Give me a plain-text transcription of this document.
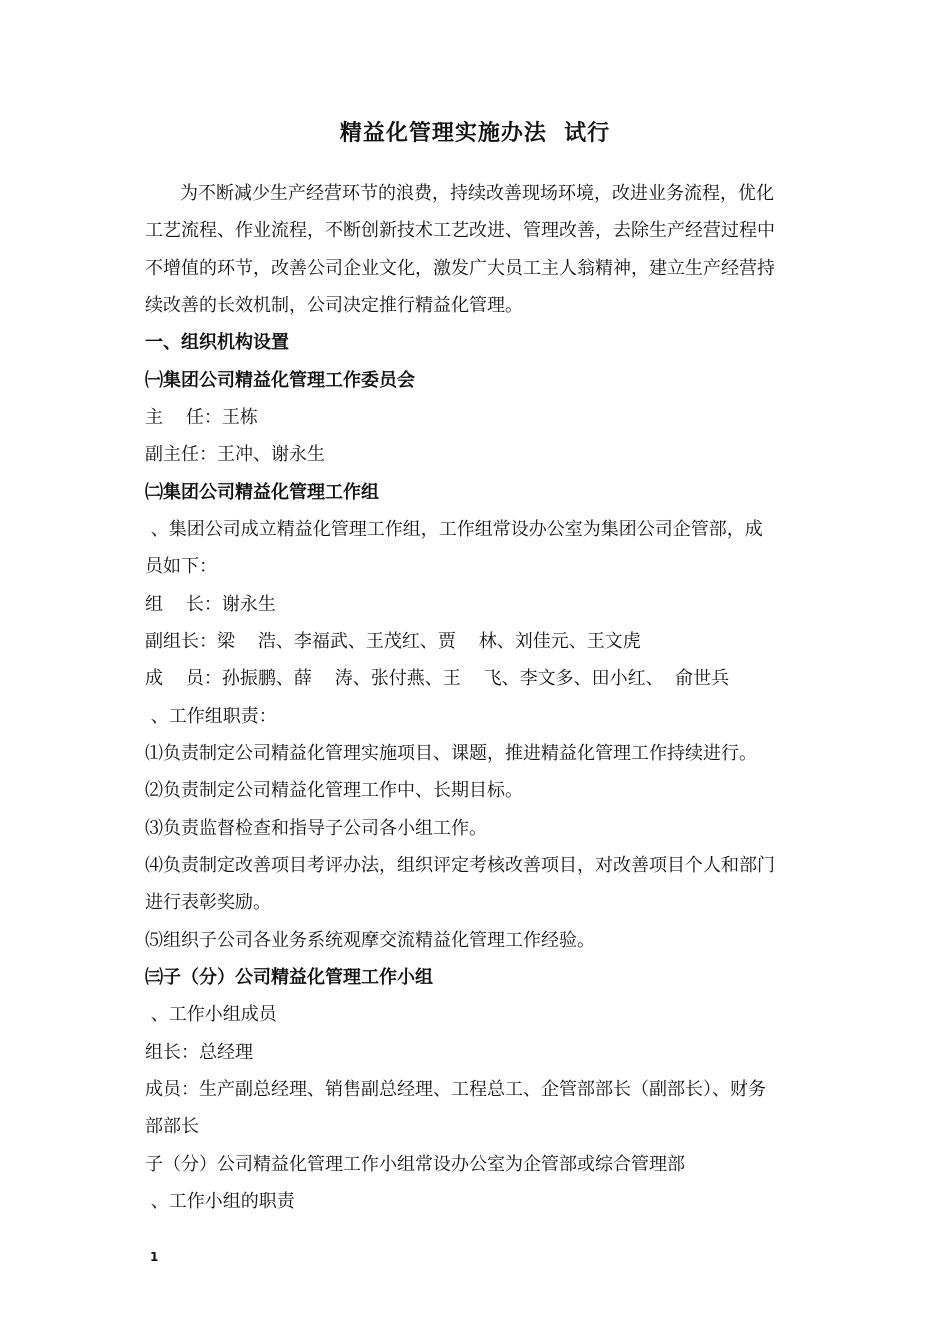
精益化管理实施办法  试行
为不断减少生产经营环节的浪费，持续改善现场环境，改进业务流程，优化
工艺流程、作业流程，不断创新技术工艺改进、管理改善，去除生产经营过程中
不增值的环节，改善公司企业文化，激发广大员工主人翁精神，建立生产经营持
续改善的长效机制，公司决定推行精益化管理。
一、组织机构设置
㈠集团公司精益化管理工作委员会
主    任：王栋
副主任：王冲、谢永生
㈡集团公司精益化管理工作组
、集团公司成立精益化管理工作组，工作组常设办公室为集团公司企管部，成
员如下：
组    长：谢永生
副组长：梁    浩、李福武、王茂红、贾    林、刘佳元、王文虎
成    员：孙振鹏、薛    涛、张付燕、王    飞、李文多、田小红、  俞世兵
、工作组职责：
⑴负责制定公司精益化管理实施项目、课题，推进精益化管理工作持续进行。
⑵负责制定公司精益化管理工作中、长期目标。
⑶负责监督检查和指导子公司各小组工作。
⑷负责制定改善项目考评办法，组织评定考核改善项目，对改善项目个人和部门
进行表彰奖励。
⑸组织子公司各业务系统观摩交流精益化管理工作经验。
㈢子（分）公司精益化管理工作小组
、工作小组成员
组长：总经理
成员：生产副总经理、销售副总经理、工程总工、企管部部长（副部长）、财务
部部长
子（分）公司精益化管理工作小组常设办公室为企管部或综合管理部
、工作小组的职责
1
